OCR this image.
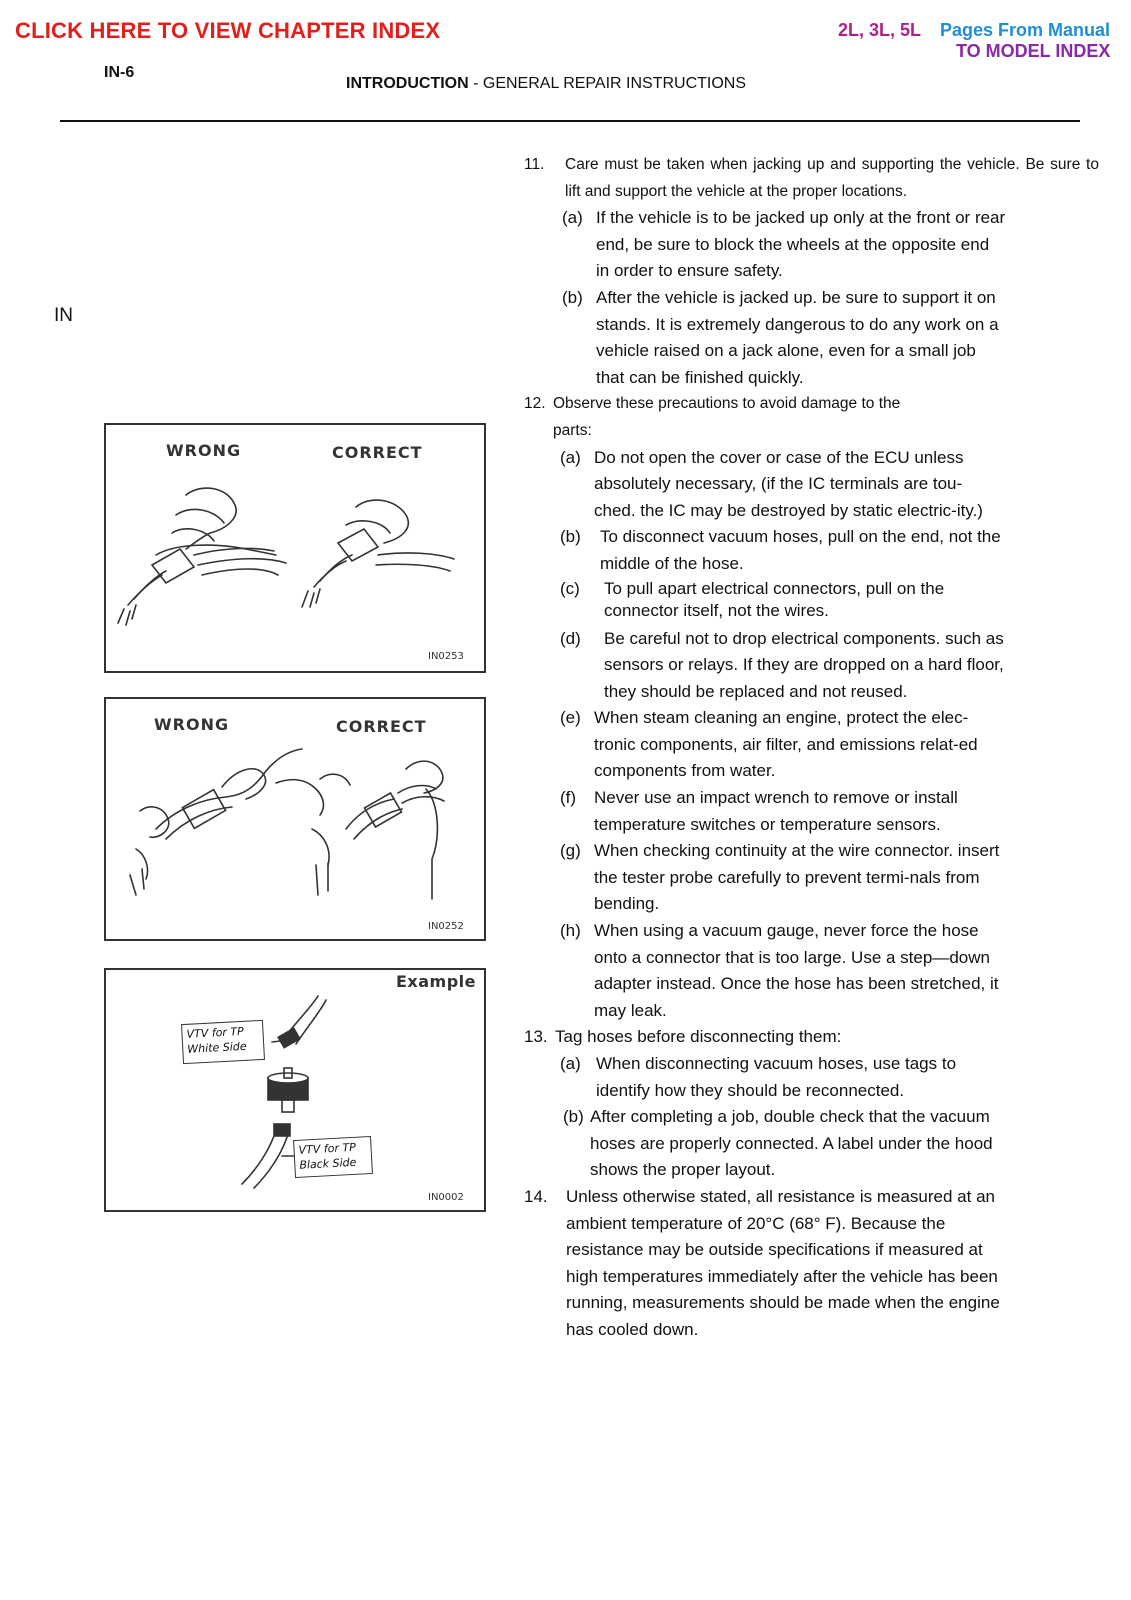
CLICK HERE TO VIEW CHAPTER INDEX	2L, 3L, 5L Pages From Manual
TO MODEL INDEX
IN-6
INTRODUCTION - GENERAL REPAIR INSTRUCTIONS
IN
WRONG	CORRECT
IN0253
WRONG	CORRECT
IN0252
Example
VTV for TP
White Side
VTV for TP
Black Side
IN0002
11.	Care must be taken when jacking up and supporting the vehicle. Be sure to lift and support the vehicle at the proper locations.
(a) If the vehicle is to be jacked up only at the front or rear end, be sure to block the wheels at the opposite end in order to ensure safety.
(b) After the vehicle is jacked up. be sure to support it on stands. It is extremely dangerous to do any work on a vehicle raised on a jack alone, even for a small job that can be finished quickly.
12. Observe these precautions to avoid damage to the parts:
(a) Do not open the cover or case of the ECU unless absolutely necessary, (if the IC terminals are tou-ched. the IC may be destroyed by static electric-ity.)
(b)	To disconnect vacuum hoses, pull on the end, not the middle of the hose.
(c)	To pull apart electrical connectors, pull on the connector itself, not the wires.
(d)	Be careful not to drop electrical components. such as sensors or relays. If they are dropped on a hard floor, they should be replaced and not reused.
(e) When steam cleaning an engine, protect the elec-tronic components, air filter, and emissions relat-ed components from water.
(f)	Never use an impact wrench to remove or install temperature switches or temperature sensors.
(g) When checking continuity at the wire connector. insert the tester probe carefully to prevent termi-nals from bending.
(h) When using a vacuum gauge, never force the hose onto a connector that is too large. Use a step—down adapter instead. Once the hose has been stretched, it may leak.
13. Tag hoses before disconnecting them:
(a) When disconnecting vacuum hoses, use tags to identify how they should be reconnected.
(b) After completing a job, double check that the vacuum hoses are properly connected. A label under the hood shows the proper layout.
14.	Unless otherwise stated, all resistance is measured at an ambient temperature of 20°C (68° F). Because the resistance may be outside specifications if measured at high temperatures immediately after the vehicle has been running, measurements should be made when the engine has cooled down.
